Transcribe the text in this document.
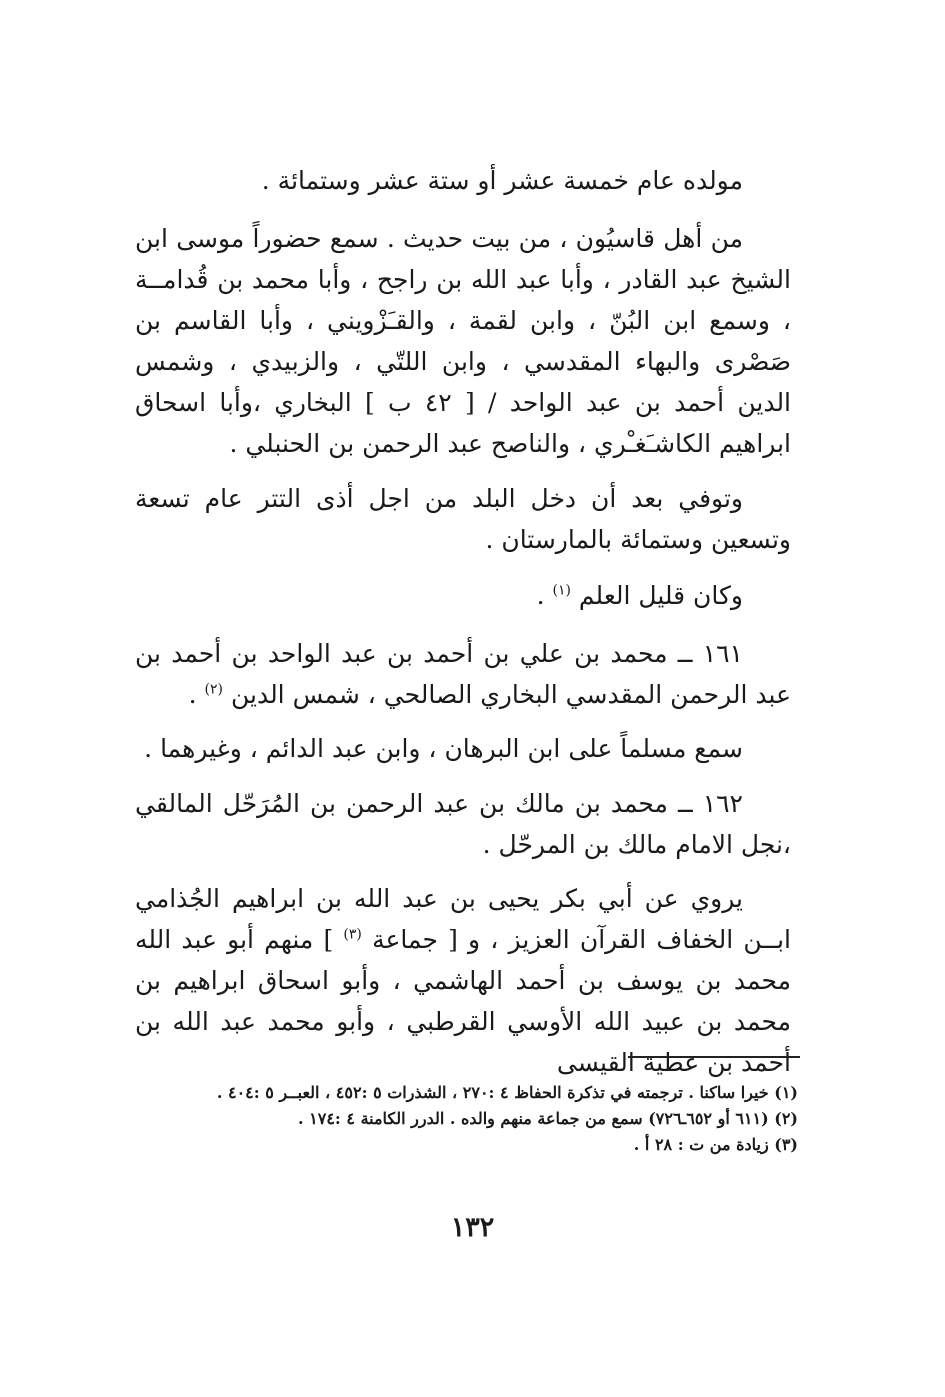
مولده عام خمسة عشر أو ستة عشر وستمائة .

من أهل قاسيُون ، من بيت حديث . سمع حضوراً موسى ابن الشيخ عبد القادر ، وأبا عبد الله بن راجح ، وأبا محمد بن قُدامــة ، وسمع ابن البُنّ ، وابن لقمة ، والقـَزْويني ، وأبا القاسم بن صَصْرى والبهاء المقدسي ، وابن اللتّي ، والزبيدي ، وشمس الدين أحمد بن عبد الواحد / [ ٤٢ ب ] البخاري ،وأبا اسحاق ابراهيم الكاشـَغـْري ، والناصح عبد الرحمن بن الحنبلي .

وتوفي بعد أن دخل البلد من اجل أذى التتر عام تسعة وتسعين وستمائة بالمارستان .

وكان قليل العلم $^{(١)}$ .

١٦١ ــ محمد بن علي بن أحمد بن عبد الواحد بن أحمد بن عبد الرحمن المقدسي البخاري الصالحي ، شمس الدين $^{(٢)}$ .

سمع مسلماً على ابن البرهان ، وابن عبد الدائم ، وغيرهما .

١٦٢ ــ محمد بن مالك بن عبد الرحمن بن المُرَحّل المالقي ،نجل الامام مالك بن المرحّل .

يروي عن أبي بكر يحيى بن عبد الله بن ابراهيم الجُذامي ابــن الخفاف القرآن العزيز ، و [ جماعة $^{(٣)}$ ] منهم أبو عبد الله محمد بن يوسف بن أحمد الهاشمي ، وأبو اسحاق ابراهيم بن محمد بن عبيد الله الأوسي القرطبي ، وأبو محمد عبد الله بن أحمد بن عطية القيسى

(١) خيرا ساكنا . ترجمته في تذكرة الحفاظ ٤ :٢٧٠ ، الشذرات ٥ :٤٥٢ ، العبــر ٥ :٤٠٤ .

(٢) (٦١١ أو ٦٥٢ـ٧٢٦) سمع من جماعة منهم والده . الدرر الكامنة ٤ :١٧٤ .

(٣) زيادة من ت : ٢٨ أ .

١٣٢
